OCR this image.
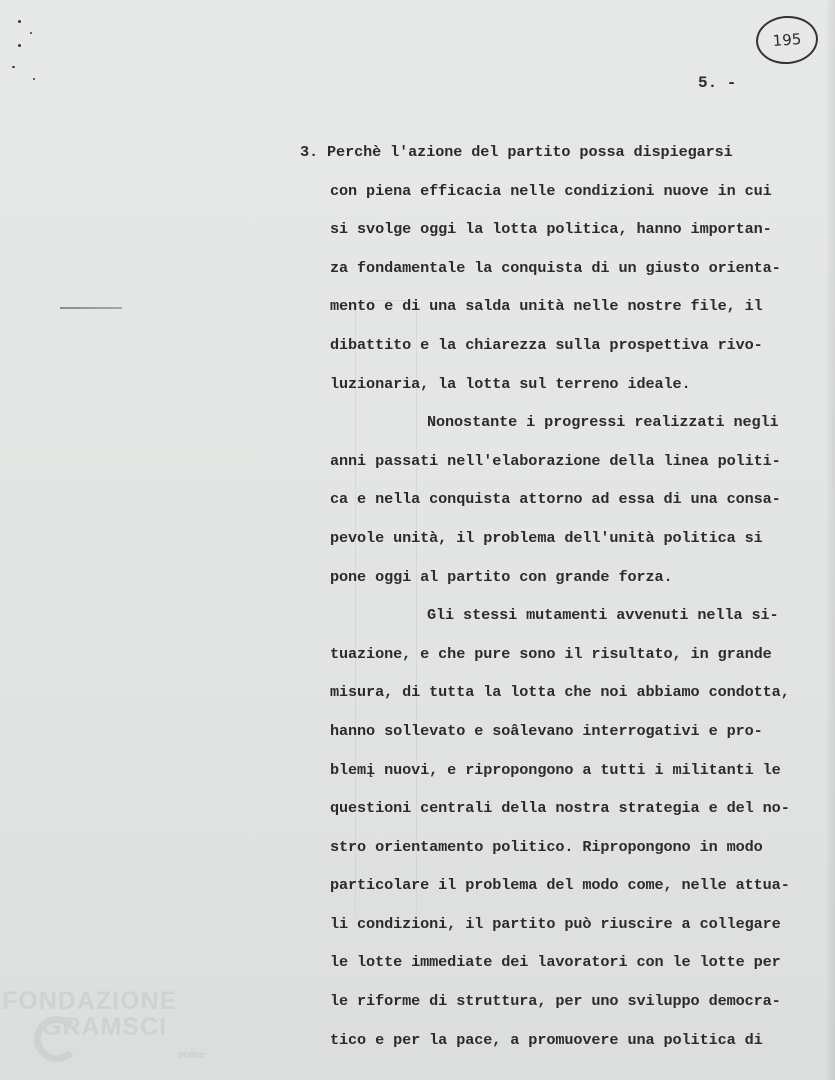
195
5. -
3. Perchè l'azione del partito possa dispiegarsi
con piena efficacia nelle condizioni nuove in cui
si svolge oggi la lotta politica, hanno importan-
za fondamentale la conquista di un giusto orienta-
mento e di una salda unità nelle nostre file, il
dibattito e la chiarezza sulla prospettiva rivo-
luzionaria, la lotta sul terreno ideale.
Nonostante i progressi realizzati negli
anni passati nell'elaborazione della linea politi-
ca e nella conquista attorno ad essa di una consa-
pevole unità, il problema dell'unità politica si
pone oggi al partito con grande forza.
Gli stessi mutamenti avvenuti nella si-
tuazione, e che pure sono il risultato, in grande
misura, di tutta la lotta che noi abbiamo condotta,
hanno sollevato e soâlevano interrogativi e pro-
blemį nuovi, e ripropongono a tutti i militanti le
questioni centrali della nostra strategia e del no-
stro orientamento politico. Ripropongono in modo
particolare il problema del modo come, nelle attua-
li condizioni, il partito può riuscire a collegare
le lotte immediate dei lavoratori con le lotte per
le riforme di struttura, per uno sviluppo democra-
tico e per la pace, a promuovere una politica di
FONDAZIONE
GRAMSCI
online
